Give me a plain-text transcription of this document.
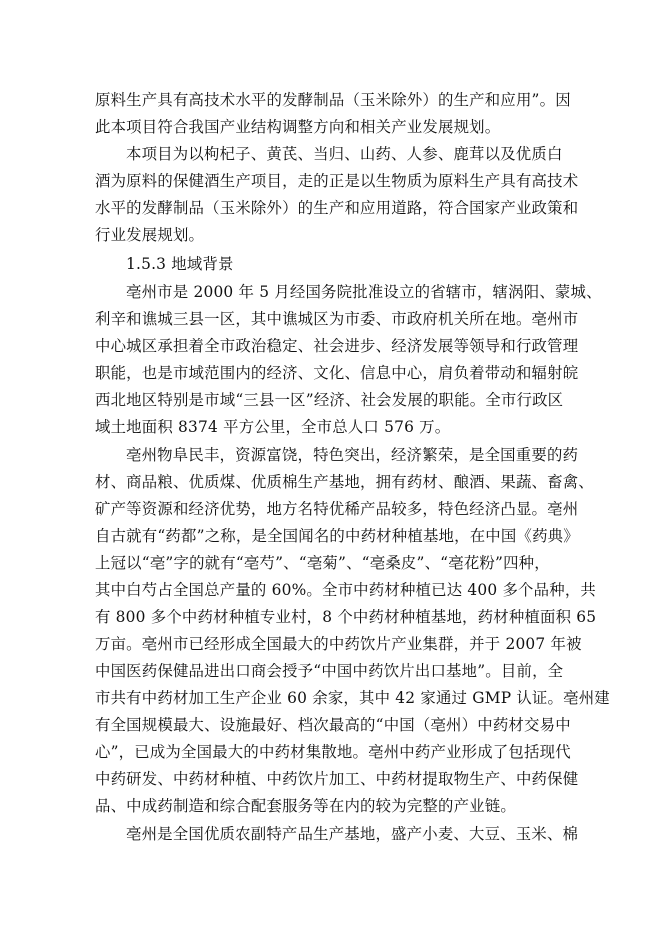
原料生产具有高技术水平的发酵制品（玉米除外）的生产和应用”。因
此本项目符合我国产业结构调整方向和相关产业发展规划。
本项目为以枸杞子、黄芪、当归、山药、人参、鹿茸以及优质白
酒为原料的保健酒生产项目，走的正是以生物质为原料生产具有高技术
水平的发酵制品（玉米除外）的生产和应用道路，符合国家产业政策和
行业发展规划。
1.5.3 地域背景
亳州市是 2000 年 5 月经国务院批准设立的省辖市，辖涡阳、蒙城、
利辛和谯城三县一区，其中谯城区为市委、市政府机关所在地。亳州市
中心城区承担着全市政治稳定、社会进步、经济发展等领导和行政管理
职能，也是市域范围内的经济、文化、信息中心，肩负着带动和辐射皖
西北地区特别是市域“三县一区”经济、社会发展的职能。全市行政区
域土地面积 8374 平方公里，全市总人口 576 万。
亳州物阜民丰，资源富饶，特色突出，经济繁荣，是全国重要的药
材、商品粮、优质煤、优质棉生产基地，拥有药材、酿酒、果蔬、畜禽、
矿产等资源和经济优势，地方名特优稀产品较多，特色经济凸显。亳州
自古就有“药都”之称，是全国闻名的中药材种植基地，在中国《药典》
上冠以“亳”字的就有“亳芍”、“亳菊”、“亳桑皮”、“亳花粉”四种，
其中白芍占全国总产量的 60%。全市中药材种植已达 400 多个品种，共
有 800 多个中药材种植专业村，8 个中药材种植基地，药材种植面积 65
万亩。亳州市已经形成全国最大的中药饮片产业集群，并于 2007 年被
中国医药保健品进出口商会授予“中国中药饮片出口基地”。目前，全
市共有中药材加工生产企业 60 余家，其中 42 家通过 GMP 认证。亳州建
有全国规模最大、设施最好、档次最高的“中国（亳州）中药材交易中
心”，已成为全国最大的中药材集散地。亳州中药产业形成了包括现代
中药研发、中药材种植、中药饮片加工、中药材提取物生产、中药保健
品、中成药制造和综合配套服务等在内的较为完整的产业链。
亳州是全国优质农副特产品生产基地，盛产小麦、大豆、玉米、棉
